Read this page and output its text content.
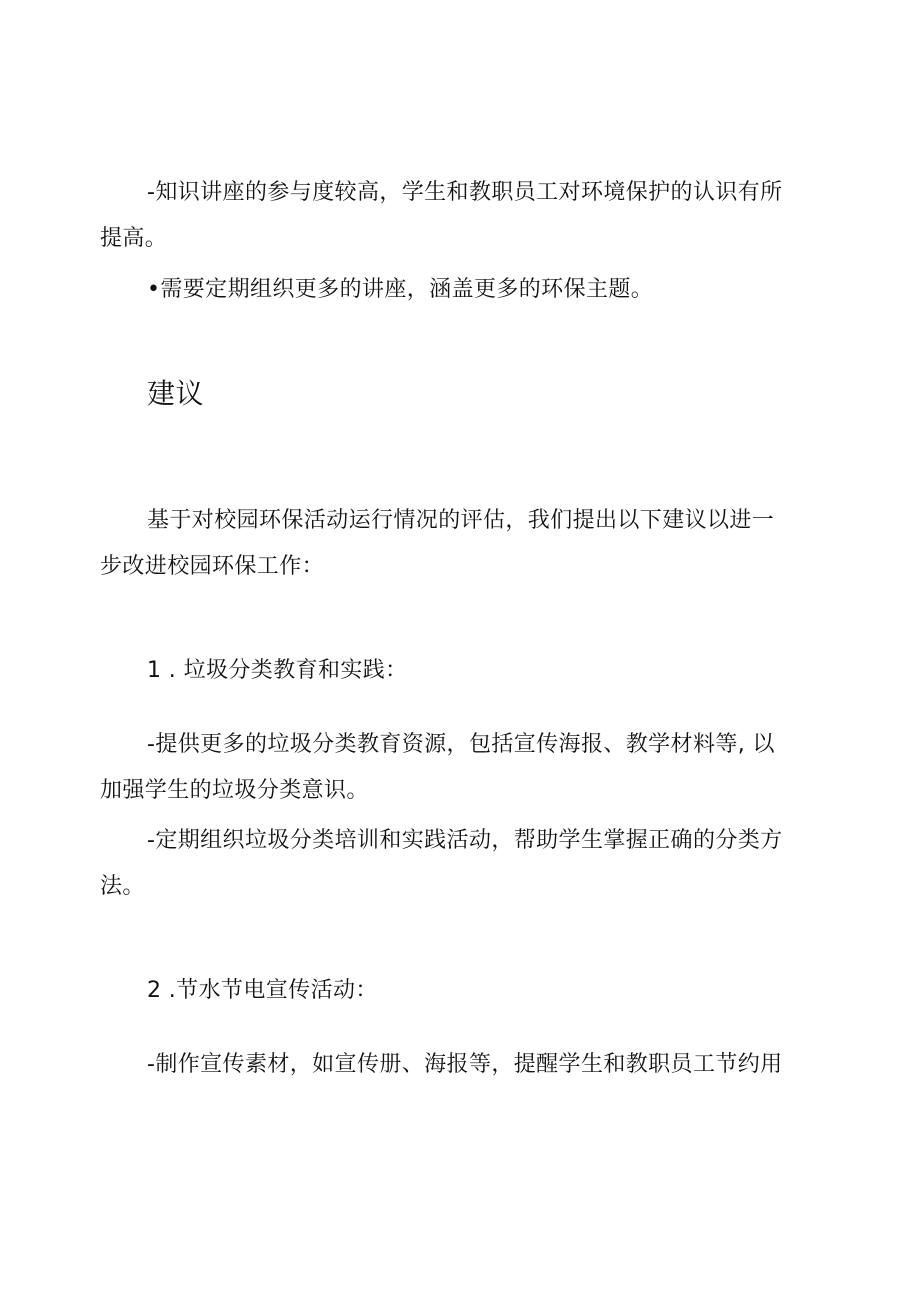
-知识讲座的参与度较高，学生和教职员工对环境保护的认识有所
提高。
•需要定期组织更多的讲座，涵盖更多的环保主题。
建议
基于对校园环保活动运行情况的评估，我们提出以下建议以进一
步改进校园环保工作：
1 . 垃圾分类教育和实践：
-提供更多的垃圾分类教育资源，包括宣传海报、教学材料等, 以
加强学生的垃圾分类意识。
-定期组织垃圾分类培训和实践活动，帮助学生掌握正确的分类方
法。
2 .节水节电宣传活动：
-制作宣传素材，如宣传册、海报等，提醒学生和教职员工节约用
